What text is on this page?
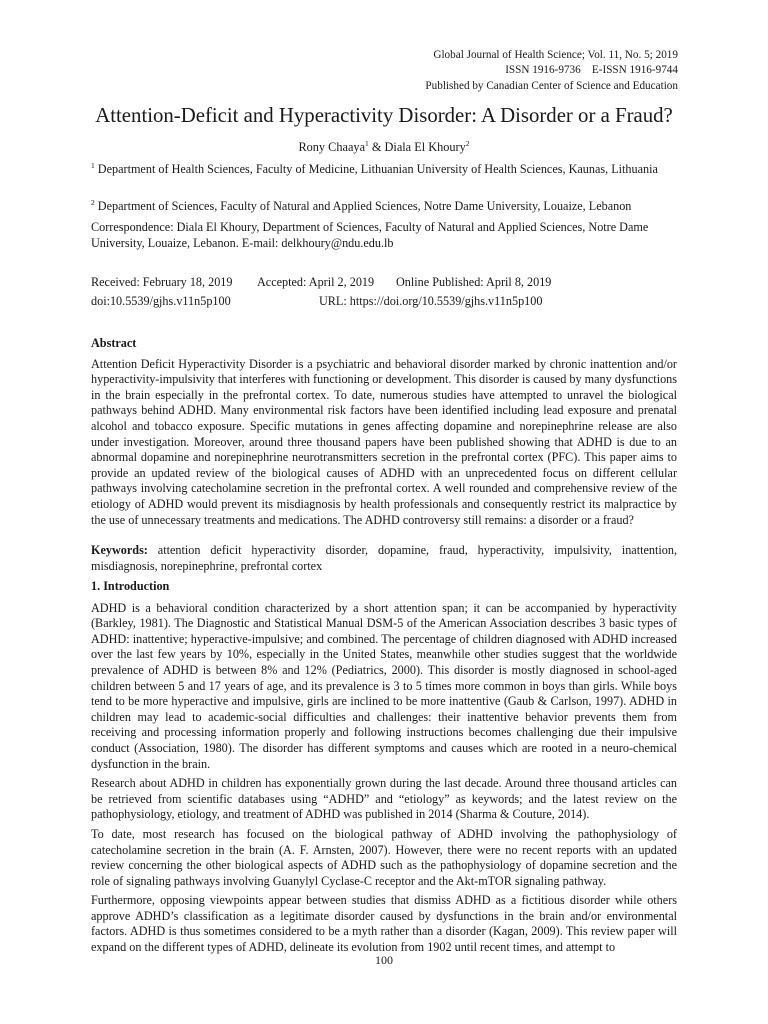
Global Journal of Health Science; Vol. 11, No. 5; 2019
ISSN 1916-9736    E-ISSN 1916-9744
Published by Canadian Center of Science and Education
Attention-Deficit and Hyperactivity Disorder: A Disorder or a Fraud?
Rony Chaaya$^1$ & Diala El Khoury$^2$
$^1$ Department of Health Sciences, Faculty of Medicine, Lithuanian University of Health Sciences, Kaunas, Lithuania
$^2$ Department of Sciences, Faculty of Natural and Applied Sciences, Notre Dame University, Louaize, Lebanon
Correspondence: Diala El Khoury, Department of Sciences, Faculty of Natural and Applied Sciences, Notre Dame University, Louaize, Lebanon. E-mail: delkhoury@ndu.edu.lb
Received: February 18, 2019 Accepted: April 2, 2019 Online Published: April 8, 2019
doi:10.5539/gjhs.v11n5p100	URL: https://doi.org/10.5539/gjhs.v11n5p100
Abstract

Attention Deficit Hyperactivity Disorder is a psychiatric and behavioral disorder marked by chronic inattention and/or hyperactivity-impulsivity that interferes with functioning or development. This disorder is caused by many dysfunctions in the brain especially in the prefrontal cortex. To date, numerous studies have attempted to unravel the biological pathways behind ADHD. Many environmental risk factors have been identified including lead exposure and prenatal alcohol and tobacco exposure. Specific mutations in genes affecting dopamine and norepinephrine release are also under investigation. Moreover, around three thousand papers have been published showing that ADHD is due to an abnormal dopamine and norepinephrine neurotransmitters secretion in the prefrontal cortex (PFC). This paper aims to provide an updated review of the biological causes of ADHD with an unprecedented focus on different cellular pathways involving catecholamine secretion in the prefrontal cortex. A well rounded and comprehensive review of the etiology of ADHD would prevent its misdiagnosis by health professionals and consequently restrict its malpractice by the use of unnecessary treatments and medications. The ADHD controversy still remains: a disorder or a fraud?

Keywords: attention deficit hyperactivity disorder, dopamine, fraud, hyperactivity, impulsivity, inattention, misdiagnosis, norepinephrine, prefrontal cortex
1. Introduction

ADHD is a behavioral condition characterized by a short attention span; it can be accompanied by hyperactivity (Barkley, 1981). The Diagnostic and Statistical Manual DSM-5 of the American Association describes 3 basic types of ADHD: inattentive; hyperactive-impulsive; and combined. The percentage of children diagnosed with ADHD increased over the last few years by 10%, especially in the United States, meanwhile other studies suggest that the worldwide prevalence of ADHD is between 8% and 12% (Pediatrics, 2000). This disorder is mostly diagnosed in school-aged children between 5 and 17 years of age, and its prevalence is 3 to 5 times more common in boys than girls. While boys tend to be more hyperactive and impulsive, girls are inclined to be more inattentive (Gaub & Carlson, 1997). ADHD in children may lead to academic-social difficulties and challenges: their inattentive behavior prevents them from receiving and processing information properly and following instructions becomes challenging due their impulsive conduct (Association, 1980). The disorder has different symptoms and causes which are rooted in a neuro-chemical dysfunction in the brain.

Research about ADHD in children has exponentially grown during the last decade. Around three thousand articles can be retrieved from scientific databases using “ADHD” and “etiology” as keywords; and the latest review on the pathophysiology, etiology, and treatment of ADHD was published in 2014 (Sharma & Couture, 2014).

To date, most research has focused on the biological pathway of ADHD involving the pathophysiology of catecholamine secretion in the brain (A. F. Arnsten, 2007). However, there were no recent reports with an updated review concerning the other biological aspects of ADHD such as the pathophysiology of dopamine secretion and the role of signaling pathways involving Guanylyl Cyclase-C receptor and the Akt-mTOR signaling pathway.

Furthermore, opposing viewpoints appear between studies that dismiss ADHD as a fictitious disorder while others approve ADHD’s classification as a legitimate disorder caused by dysfunctions in the brain and/or environmental factors. ADHD is thus sometimes considered to be a myth rather than a disorder (Kagan, 2009). This review paper will expand on the different types of ADHD, delineate its evolution from 1902 until recent times, and attempt to

100
